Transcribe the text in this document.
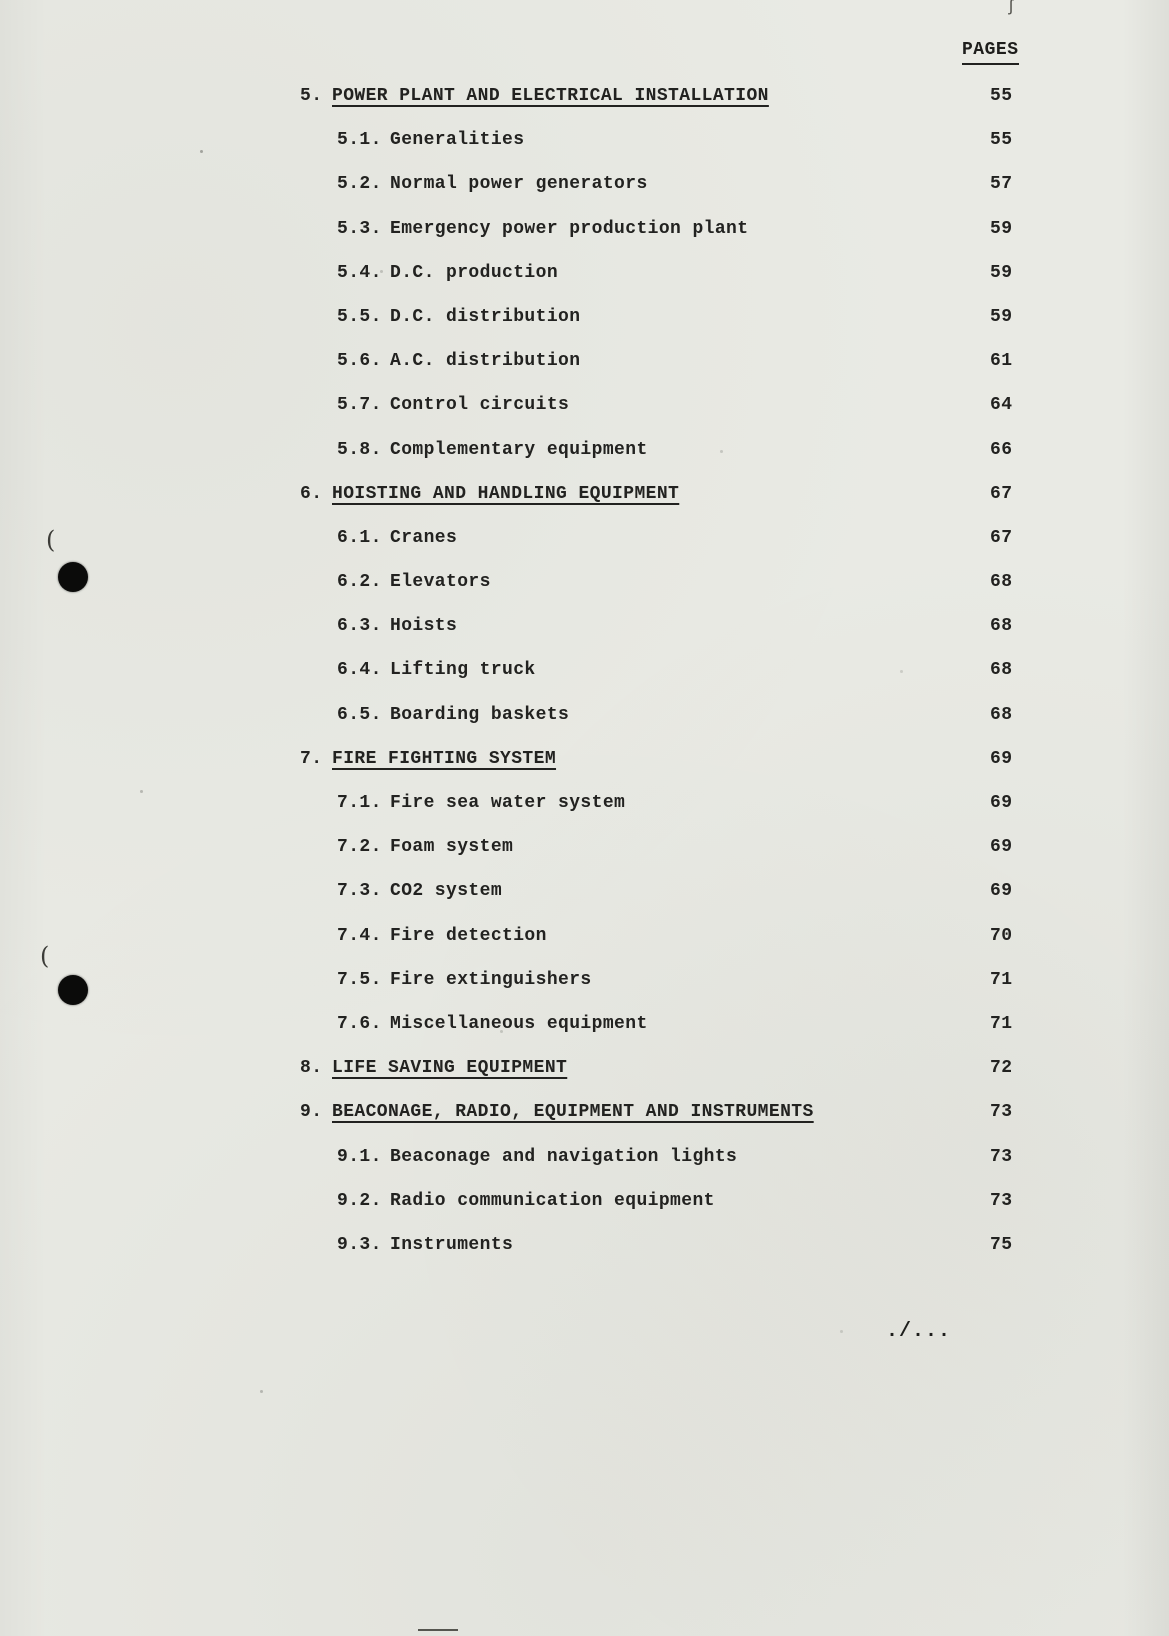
ʃ
PAGES
5. POWER PLANT AND ELECTRICAL INSTALLATION	55
5.1. Generalities	55
5.2. Normal power generators	57
5.3. Emergency power production plant	59
5.4. D.C. production	59
5.5. D.C. distribution	59
5.6. A.C. distribution	61
5.7. Control circuits	64
5.8. Complementary equipment	66
6. HOISTING AND HANDLING EQUIPMENT	67
6.1. Cranes	67
6.2. Elevators	68
6.3. Hoists	68
6.4. Lifting truck	68
6.5. Boarding baskets	68
7. FIRE FIGHTING SYSTEM	69
7.1. Fire sea water system	69
7.2. Foam system	69
7.3. CO2 system	69
7.4. Fire detection	70
7.5. Fire extinguishers	71
7.6. Miscellaneous equipment	71
8. LIFE SAVING EQUIPMENT	72
9. BEACONAGE, RADIO, EQUIPMENT AND INSTRUMENTS	73
9.1. Beaconage and navigation lights	73
9.2. Radio communication equipment	73
9.3. Instruments	75
./...
(
(
